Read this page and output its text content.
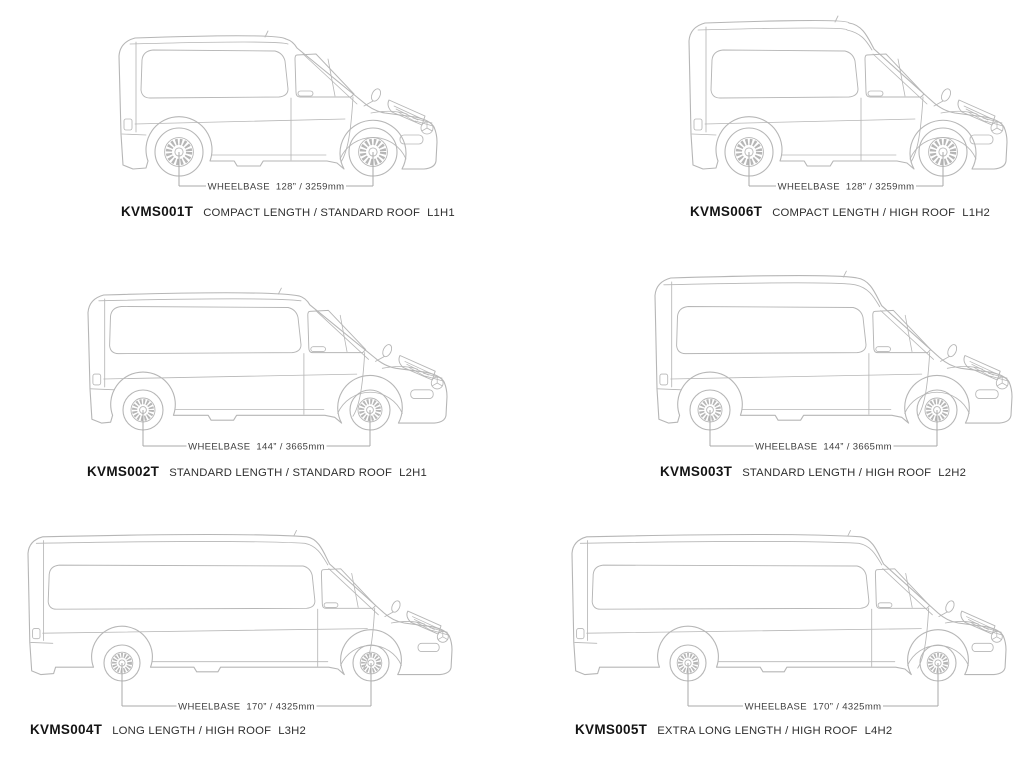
WHEELBASE  128” / 3259mm	WHEELBASE  128” / 3259mm
WHEELBASE  144” / 3665mm	WHEELBASE  144” / 3665mm
WHEELBASE  170” / 4325mm	WHEELBASE  170” / 4325mm
KVMS001T COMPACT LENGTH / STANDARD ROOF L1H1	KVMS006T COMPACT LENGTH / HIGH ROOF L1H2
KVMS002T STANDARD LENGTH / STANDARD ROOF L2H1	KVMS003T STANDARD LENGTH / HIGH ROOF L2H2
KVMS004T LONG LENGTH / HIGH ROOF L3H2	KVMS005T EXTRA LONG LENGTH / HIGH ROOF L4H2
